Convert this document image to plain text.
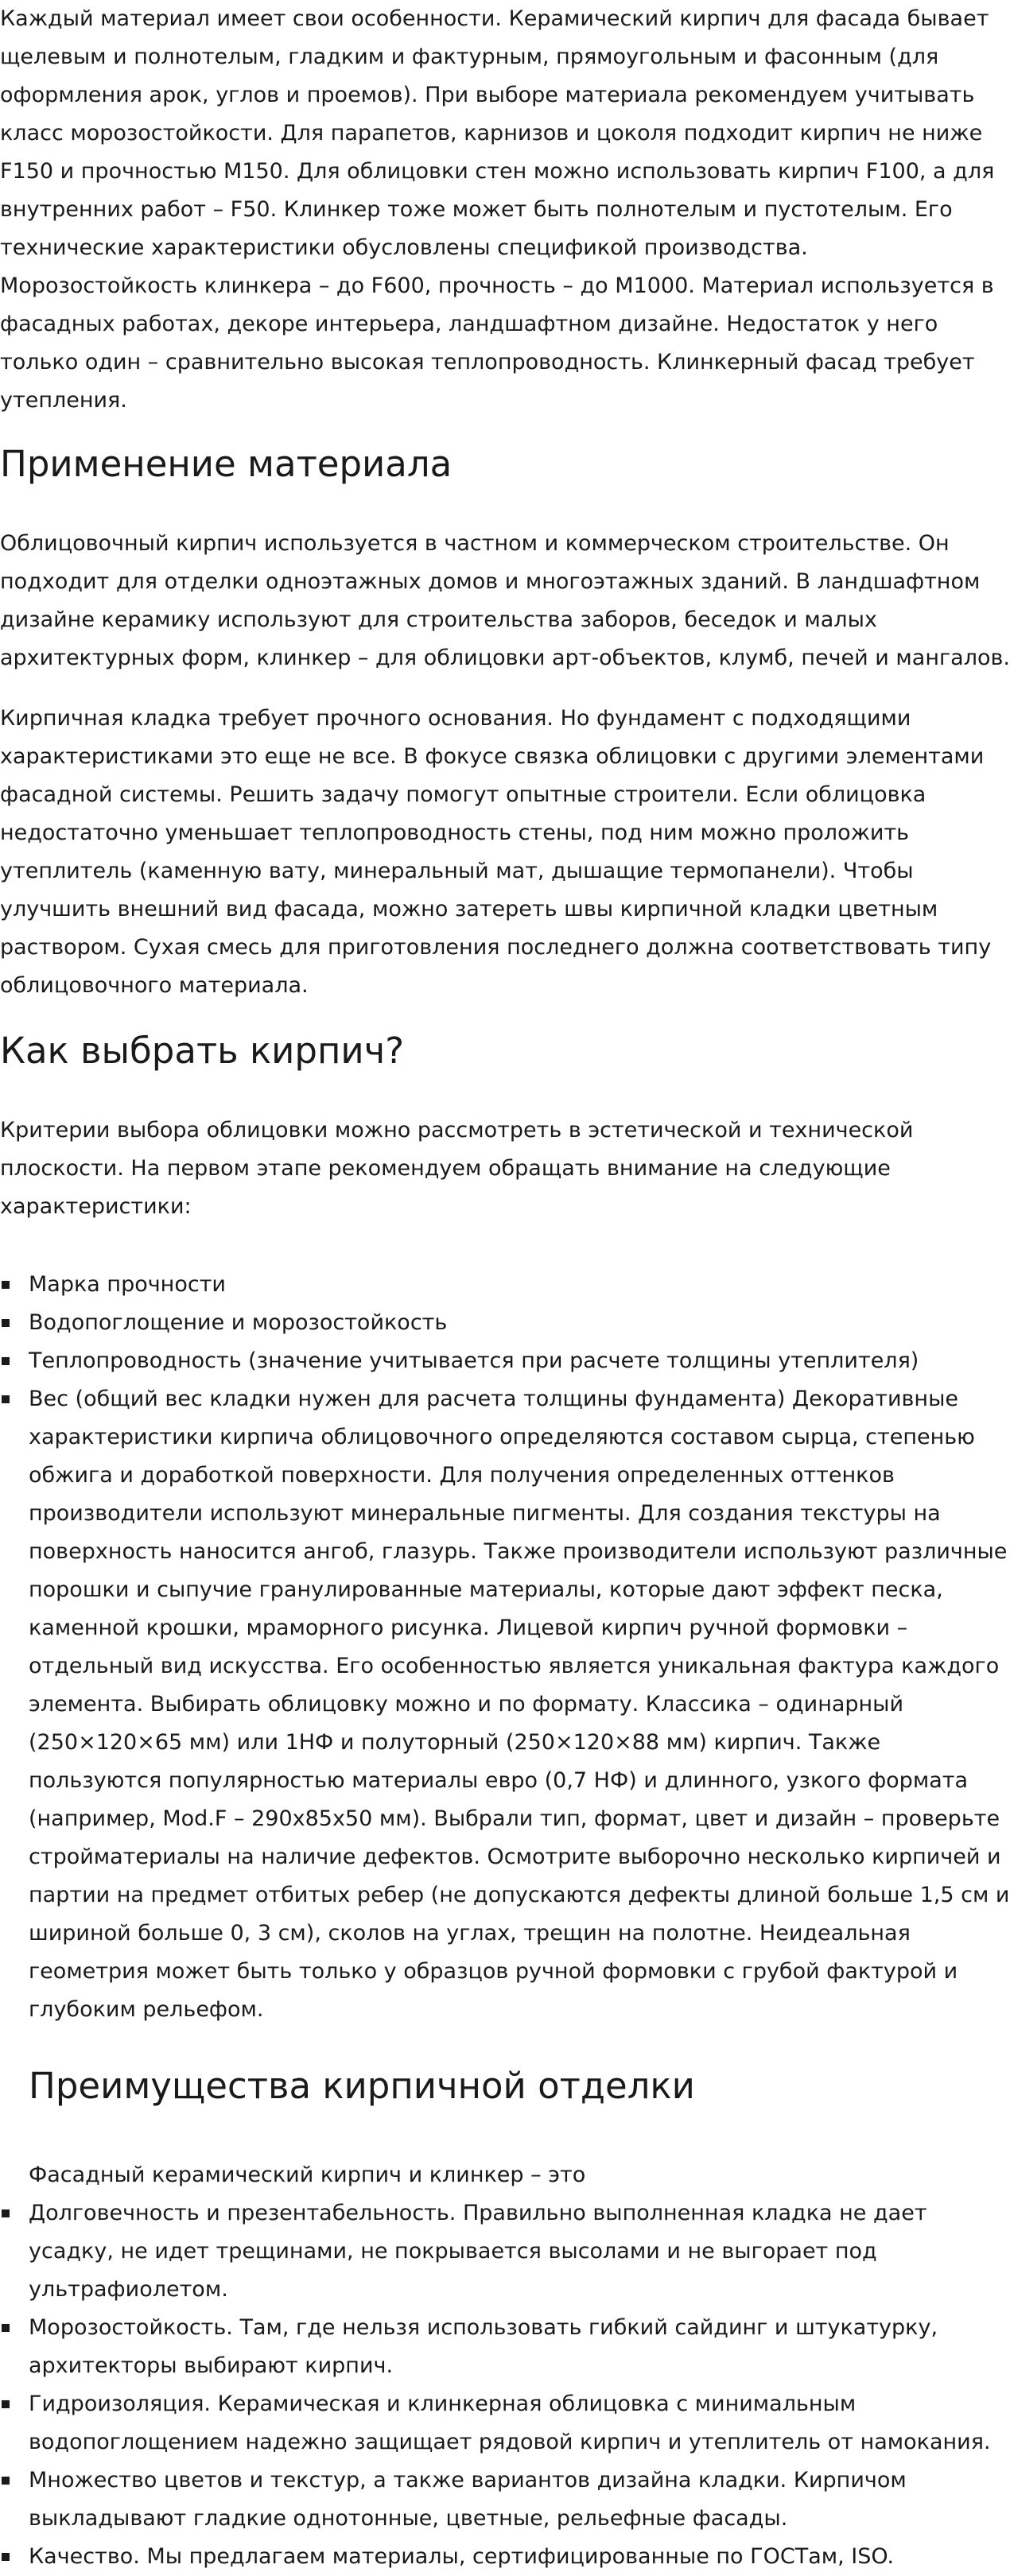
Каждый материал имеет свои особенности. Керамический кирпич для фасада бывает щелевым и полнотелым, гладким и фактурным, прямоугольным и фасонным (для оформления арок, углов и проемов). При выборе материала рекомендуем учитывать класс морозостойкости. Для парапетов, карнизов и цоколя подходит кирпич не ниже F150 и прочностью М150. Для облицовки стен можно использовать кирпич F100, а для внутренних работ – F50. Клинкер тоже может быть полнотелым и пустотелым. Его технические характеристики обусловлены спецификой производства. Морозостойкость клинкера – до F600, прочность – до М1000. Материал используется в фасадных работах, декоре интерьера, ландшафтном дизайне. Недостаток у него только один – сравнительно высокая теплопроводность. Клинкерный фасад требует утепления.

Применение материала

Облицовочный кирпич используется в частном и коммерческом строительстве. Он подходит для отделки одноэтажных домов и многоэтажных зданий. В ландшафтном дизайне керамику используют для строительства заборов, беседок и малых архитектурных форм, клинкер – для облицовки арт-объектов, клумб, печей и мангалов.

Кирпичная кладка требует прочного основания. Но фундамент с подходящими характеристиками это еще не все. В фокусе связка облицовки с другими элементами фасадной системы. Решить задачу помогут опытные строители. Если облицовка недостаточно уменьшает теплопроводность стены, под ним можно проложить утеплитель (каменную вату, минеральный мат, дышащие термопанели). Чтобы улучшить внешний вид фасада, можно затереть швы кирпичной кладки цветным раствором. Сухая смесь для приготовления последнего должна соответствовать типу облицовочного материала.

Как выбрать кирпич?

Критерии выбора облицовки можно рассмотреть в эстетической и технической плоскости. На первом этапе рекомендуем обращать внимание на следующие характеристики:

Марка прочности
Водопоглощение и морозостойкость
Теплопроводность (значение учитывается при расчете толщины утеплителя)
Вес (общий вес кладки нужен для расчета толщины фундамента) Декоративные характеристики кирпича облицовочного определяются составом сырца, степенью обжига и доработкой поверхности. Для получения определенных оттенков производители используют минеральные пигменты. Для создания текстуры на поверхность наносится ангоб, глазурь. Также производители используют различные порошки и сыпучие гранулированные материалы, которые дают эффект песка, каменной крошки, мраморного рисунка. Лицевой кирпич ручной формовки – отдельный вид искусства. Его особенностью является уникальная фактура каждого элемента. Выбирать облицовку можно и по формату. Классика – одинарный (250×120×65 мм) или 1НФ и полуторный (250×120×88 мм) кирпич. Также пользуются популярностью материалы евро (0,7 НФ) и длинного, узкого формата (например, Mod.F – 290х85х50 мм). Выбрали тип, формат, цвет и дизайн – проверьте стройматериалы на наличие дефектов. Осмотрите выборочно несколько кирпичей и партии на предмет отбитых ребер (не допускаются дефекты длиной больше 1,5 см и шириной больше 0, 3 см), сколов на углах, трещин на полотне. Неидеальная геометрия может быть только у образцов ручной формовки с грубой фактурой и глубоким рельефом.
Преимущества кирпичной отделки

Фасадный керамический кирпич и клинкер – это

Долговечность и презентабельность. Правильно выполненная кладка не дает усадку, не идет трещинами, не покрывается высолами и не выгорает под ультрафиолетом.
Морозостойкость. Там, где нельзя использовать гибкий сайдинг и штукатурку, архитекторы выбирают кирпич.
Гидроизоляция. Керамическая и клинкерная облицовка с минимальным водопоглощением надежно защищает рядовой кирпич и утеплитель от намокания.
Множество цветов и текстур, а также вариантов дизайна кладки. Кирпичом выкладывают гладкие однотонные, цветные, рельефные фасады.
Качество. Мы предлагаем материалы, сертифицированные по ГОСТам, ISO.
